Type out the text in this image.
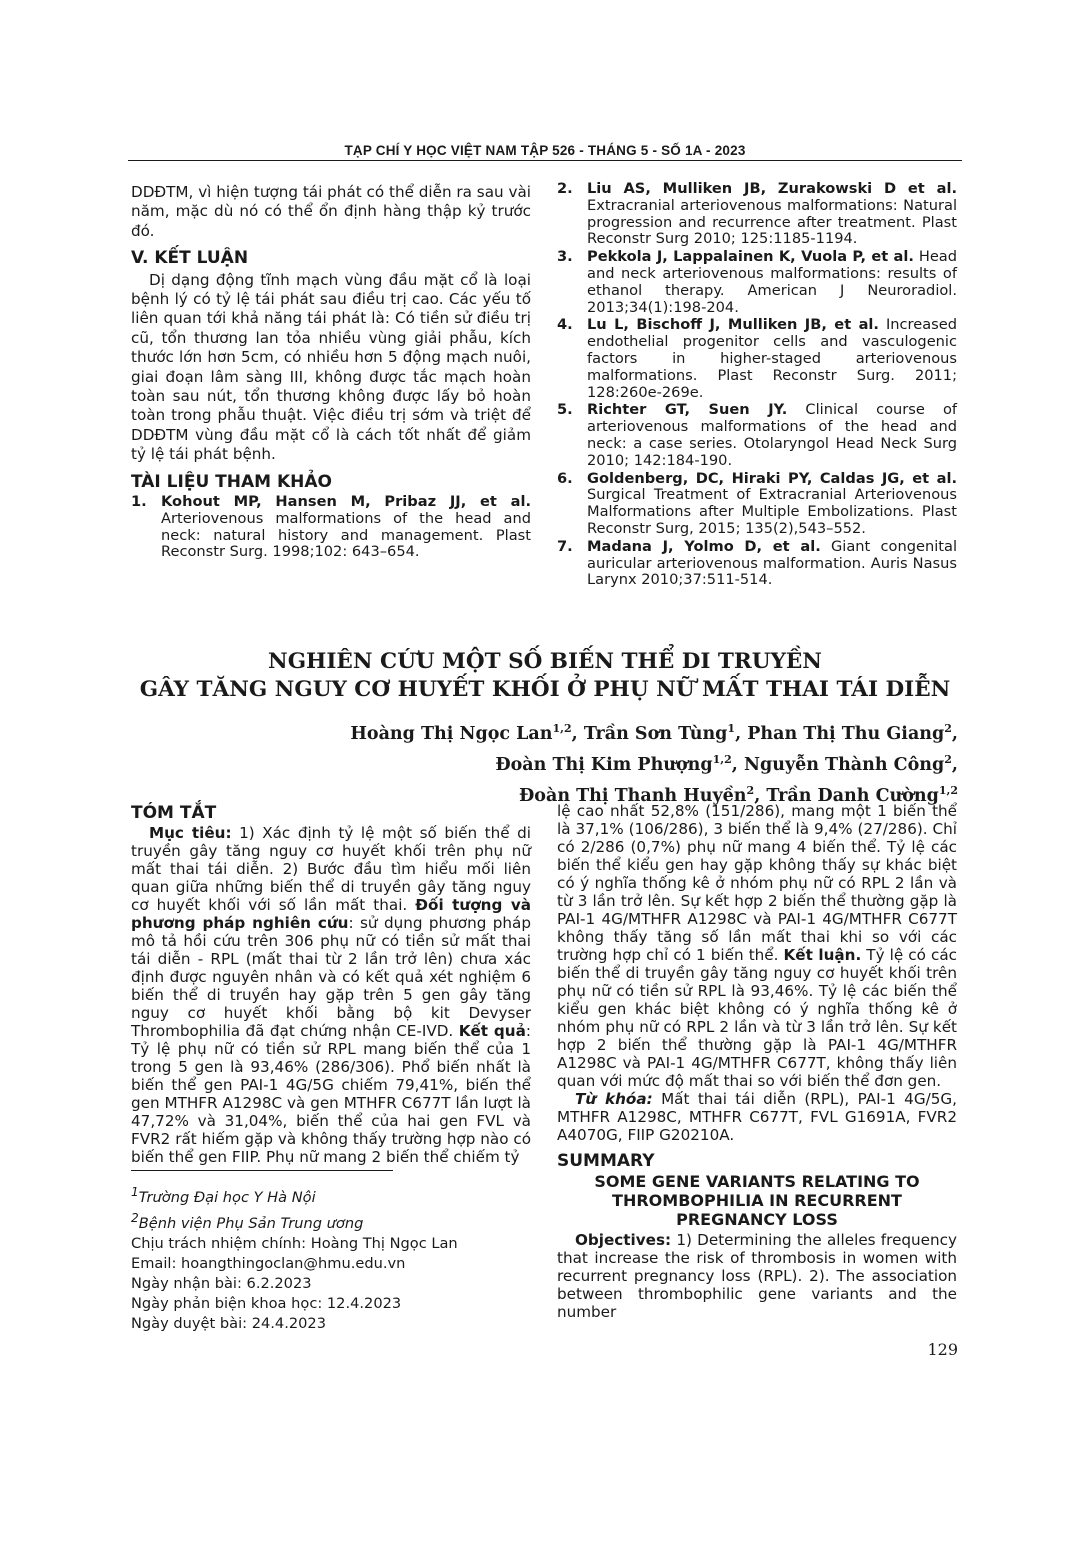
TẠP CHÍ Y HỌC VIỆT NAM TẬP 526 - THÁNG 5 - SỐ 1A - 2023

DDĐTM, vì hiện tượng tái phát có thể diễn ra sau vài năm, mặc dù nó có thể ổn định hàng thập kỷ trước đó.

V. KẾT LUẬN

Dị dạng động tĩnh mạch vùng đầu mặt cổ là loại bệnh lý có tỷ lệ tái phát sau điều trị cao. Các yếu tố liên quan tới khả năng tái phát là: Có tiền sử điều trị cũ, tổn thương lan tỏa nhiều vùng giải phẫu, kích thước lớn hơn 5cm, có nhiều hơn 5 động mạch nuôi, giai đoạn lâm sàng III, không được tắc mạch hoàn toàn sau nút, tổn thương không được lấy bỏ hoàn toàn trong phẫu thuật. Việc điều trị sớm và triệt để DDĐTM vùng đầu mặt cổ là cách tốt nhất để giảm tỷ lệ tái phát bệnh.

TÀI LIỆU THAM KHẢO
1. Kohout MP, Hansen M, Pribaz JJ, et al. Arteriovenous malformations of the head and neck: natural history and management. Plast Reconstr Surg. 1998;102: 643–654.
2. Liu AS, Mulliken JB, Zurakowski D et al. Extracranial arteriovenous malformations: Natural progression and recurrence after treatment. Plast Reconstr Surg 2010; 125:1185-1194.
3. Pekkola J, Lappalainen K, Vuola P, et al. Head and neck arteriovenous malformations: results of ethanol therapy. American J Neuroradiol. 2013;34(1):198-204.
4. Lu L, Bischoff J, Mulliken JB, et al. Increased endothelial progenitor cells and vasculogenic factors in higher-staged arteriovenous malformations. Plast Reconstr Surg. 2011; 128:260e-269e.
5. Richter GT, Suen JY. Clinical course of arteriovenous malformations of the head and neck: a case series. Otolaryngol Head Neck Surg 2010; 142:184-190.
6. Goldenberg, DC, Hiraki PY, Caldas JG, et al. Surgical Treatment of Extracranial Arteriovenous Malformations after Multiple Embolizations. Plast Reconstr Surg, 2015; 135(2),543–552.
7. Madana J, Yolmo D, et al. Giant congenital auricular arteriovenous malformation. Auris Nasus Larynx 2010;37:511-514.
NGHIÊN CỨU MỘT SỐ BIẾN THỂ DI TRUYỀN
GÂY TĂNG NGUY CƠ HUYẾT KHỐI Ở PHỤ NỮ MẤT THAI TÁI DIỄN
Hoàng Thị Ngọc Lan$^{1,2}$, Trần Sơn Tùng$^1$, Phan Thị Thu Giang$^2$,
Đoàn Thị Kim Phượng$^{1,2}$, Nguyễn Thành Công$^2$,
Đoàn Thị Thanh Huyền$^2$, Trần Danh Cường$^{1,2}$
TÓM TẮT

Mục tiêu: 1) Xác định tỷ lệ một số biến thể di truyền gây tăng nguy cơ huyết khối trên phụ nữ mất thai tái diễn. 2) Bước đầu tìm hiểu mối liên quan giữa những biến thể di truyền gây tăng nguy cơ huyết khối với số lần mất thai. Đối tượng và phương pháp nghiên cứu: sử dụng phương pháp mô tả hồi cứu trên 306 phụ nữ có tiền sử mất thai tái diễn - RPL (mất thai từ 2 lần trở lên) chưa xác định được nguyên nhân và có kết quả xét nghiệm 6 biến thể di truyền hay gặp trên 5 gen gây tăng nguy cơ huyết khối bằng bộ kit Devyser Thrombophilia đã đạt chứng nhận CE-IVD. Kết quả: Tỷ lệ phụ nữ có tiền sử RPL mang biến thể của 1 trong 5 gen là 93,46% (286/306). Phổ biến nhất là biến thể gen PAI-1 4G/5G chiếm 79,41%, biến thể gen MTHFR A1298C và gen MTHFR C677T lần lượt là 47,72% và 31,04%, biến thể của hai gen FVL và FVR2 rất hiếm gặp và không thấy trường hợp nào có biến thể gen FIIP. Phụ nữ mang 2 biến thể chiếm tỷ

$^1$Trường Đại học Y Hà Nội
$^2$Bệnh viện Phụ Sản Trung ương
Chịu trách nhiệm chính: Hoàng Thị Ngọc Lan
Email: hoangthingoclan@hmu.edu.vn
Ngày nhận bài: 6.2.2023
Ngày phản biện khoa học: 12.4.2023
Ngày duyệt bài: 24.4.2023

lệ cao nhất 52,8% (151/286), mang một 1 biến thể là 37,1% (106/286), 3 biến thể là 9,4% (27/286). Chỉ có 2/286 (0,7%) phụ nữ mang 4 biến thể. Tỷ lệ các biến thể kiểu gen hay gặp không thấy sự khác biệt có ý nghĩa thống kê ở nhóm phụ nữ có RPL 2 lần và từ 3 lần trở lên. Sự kết hợp 2 biến thể thường gặp là PAI-1 4G/MTHFR A1298C và PAI-1 4G/MTHFR C677T không thấy tăng số lần mất thai khi so với các trường hợp chỉ có 1 biến thể. Kết luận. Tỷ lệ có các biến thể di truyền gây tăng nguy cơ huyết khối trên phụ nữ có tiền sử RPL là 93,46%. Tỷ lệ các biến thể kiểu gen khác biệt không có ý nghĩa thống kê ở nhóm phụ nữ có RPL 2 lần và từ 3 lần trở lên. Sự kết hợp 2 biến thể thường gặp là PAI-1 4G/MTHFR A1298C và PAI-1 4G/MTHFR C677T, không thấy liên quan với mức độ mất thai so với biến thể đơn gen.

Từ khóa: Mất thai tái diễn (RPL), PAI-1 4G/5G, MTHFR A1298C, MTHFR C677T, FVL G1691A, FVR2 A4070G, FIIP G20210A.

SUMMARY
SOME GENE VARIANTS RELATING TO THROMBOPHILIA IN RECURRENT PREGNANCY LOSS

Objectives: 1) Determining the alleles frequency that increase the risk of thrombosis in women with recurrent pregnancy loss (RPL). 2). The association between thrombophilic gene variants and the number

129
